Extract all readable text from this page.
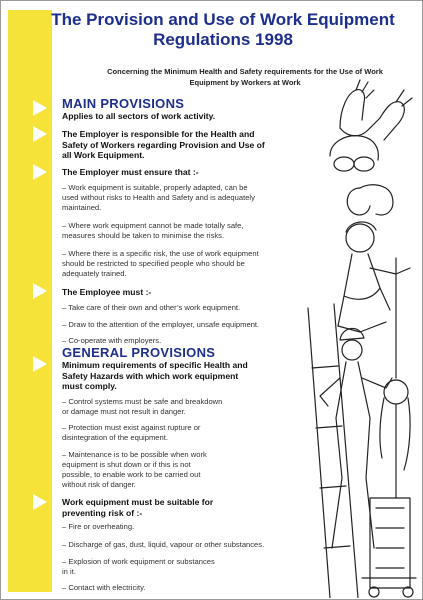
The Provision and Use of Work Equipment
Regulations 1998
Concerning the Minimum Health and Safety requirements for the Use of Work
Equipment by Workers at Work
MAIN PROVISIONS
Applies to all sectors of work activity.
The Employer is responsible for the Health and
Safety of Workers regarding Provision and Use of
all Work Equipment.
The Employer must ensure that :-
– Work equipment is suitable, properly adapted, can be
used without risks to Health and Safety and is adequately
maintained.
– Where work equipment cannot be made totally safe,
measures should be taken to minimise the risks.
– Where there is a specific risk, the use of work equipment
should be restricted to specified people who should be
adequately trained.
The Employee must :-
– Take care of their own and other’s work equipment.
– Draw to the attention of the employer, unsafe equipment.
– Co-operate with employers.
GENERAL PROVISIONS
Minimum requirements of specific Health and
Safety Hazards with which work equipment
must comply.
– Control systems must be safe and breakdown
or damage must not result in danger.
– Protection must exist against rupture or
disintegration of the equipment.
– Maintenance is to be possible when work
equipment is shut down or if this is not
possible, to enable work to be carried out
without risk of danger.
Work equipment must be suitable for
preventing risk of :-
– Fire or overheating.
– Discharge of gas, dust, liquid, vapour or other substances.
– Explosion of work equipment or substances
in it.
– Contact with electricity.
